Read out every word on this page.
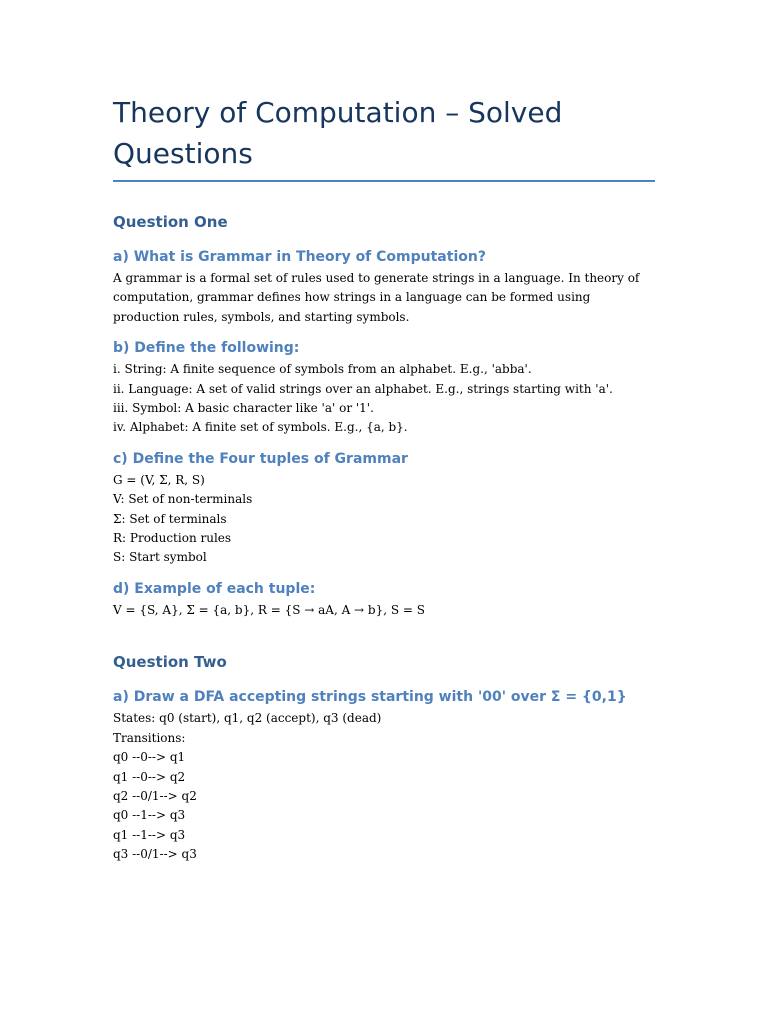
Theory of Computation – Solved Questions
Question One
a) What is Grammar in Theory of Computation?

A grammar is a formal set of rules used to generate strings in a language. In theory of computation, grammar defines how strings in a language can be formed using production rules, symbols, and starting symbols.

b) Define the following:

i. String: A finite sequence of symbols from an alphabet. E.g., 'abba'.

ii. Language: A set of valid strings over an alphabet. E.g., strings starting with 'a'.

iii. Symbol: A basic character like 'a' or '1'.

iv. Alphabet: A finite set of symbols. E.g., {a, b}.

c) Define the Four tuples of Grammar

G = (V, Σ, R, S)

V: Set of non-terminals

Σ: Set of terminals

R: Production rules

S: Start symbol

d) Example of each tuple:

V = {S, A}, Σ = {a, b}, R = {S → aA, A → b}, S = S

Question Two
a) Draw a DFA accepting strings starting with '00' over Σ = {0,1}

States: q0 (start), q1, q2 (accept), q3 (dead)

Transitions:

q0 --0--> q1

q1 --0--> q2

q2 --0/1--> q2

q0 --1--> q3

q1 --1--> q3

q3 --0/1--> q3
